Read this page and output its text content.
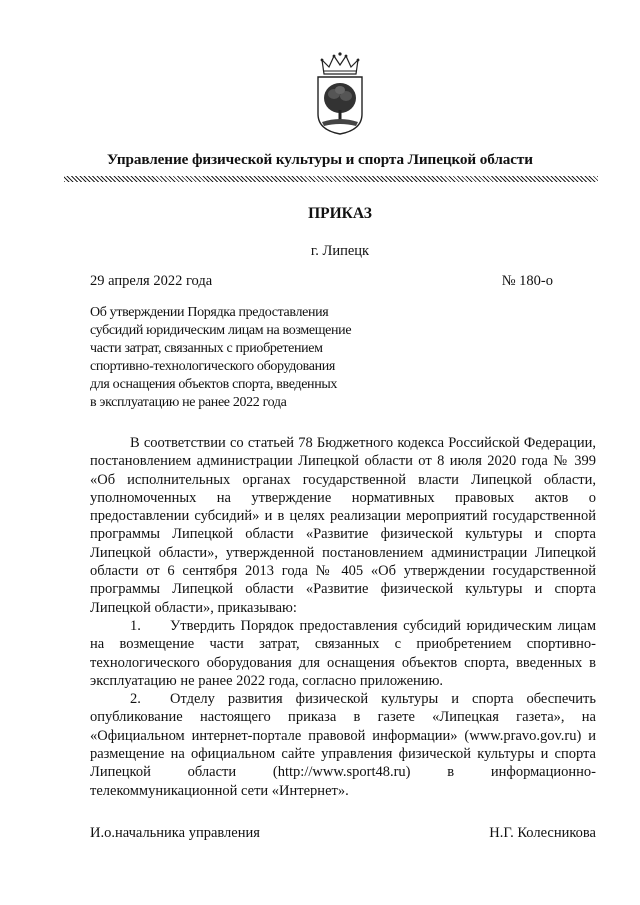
Управление физической культуры и спорта Липецкой области
ПРИКАЗ
г. Липецк
29 апреля 2022 года	№ 180-о
Об утверждении Порядка предоставления
субсидий юридическим лицам на возмещение
части затрат, связанных с приобретением
спортивно-технологического оборудования
для оснащения объектов спорта, введенных
в эксплуатацию не ранее 2022 года

В соответствии со статьей 78 Бюджетного кодекса Российской Федерации, постановлением администрации Липецкой области от 8 июля 2020 года № 399 «Об исполнительных органах государственной власти Липецкой области, уполномоченных на утверждение нормативных правовых актов о предоставлении субсидий» и в целях реализации мероприятий государственной программы Липецкой области «Развитие физической культуры и спорта Липецкой области», утвержденной постановлением администрации Липецкой области от 6 сентября 2013 года № 405 «Об утверждении государственной программы Липецкой области «Развитие физической культуры и спорта Липецкой области», приказываю:

1. Утвердить Порядок предоставления субсидий юридическим лицам на возмещение части затрат, связанных с приобретением спортивно-технологического оборудования для оснащения объектов спорта, введенных в эксплуатацию не ранее 2022 года, согласно приложению.

2. Отделу развития физической культуры и спорта обеспечить опубликование настоящего приказа в газете «Липецкая газета», на «Официальном интернет-портале правовой информации» (www.pravo.gov.ru) и размещение на официальном сайте управления физической культуры и спорта Липецкой области (http://www.sport48.ru) в информационно-телекоммуникационной сети «Интернет».

И.о.начальника управления	Н.Г. Колесникова
